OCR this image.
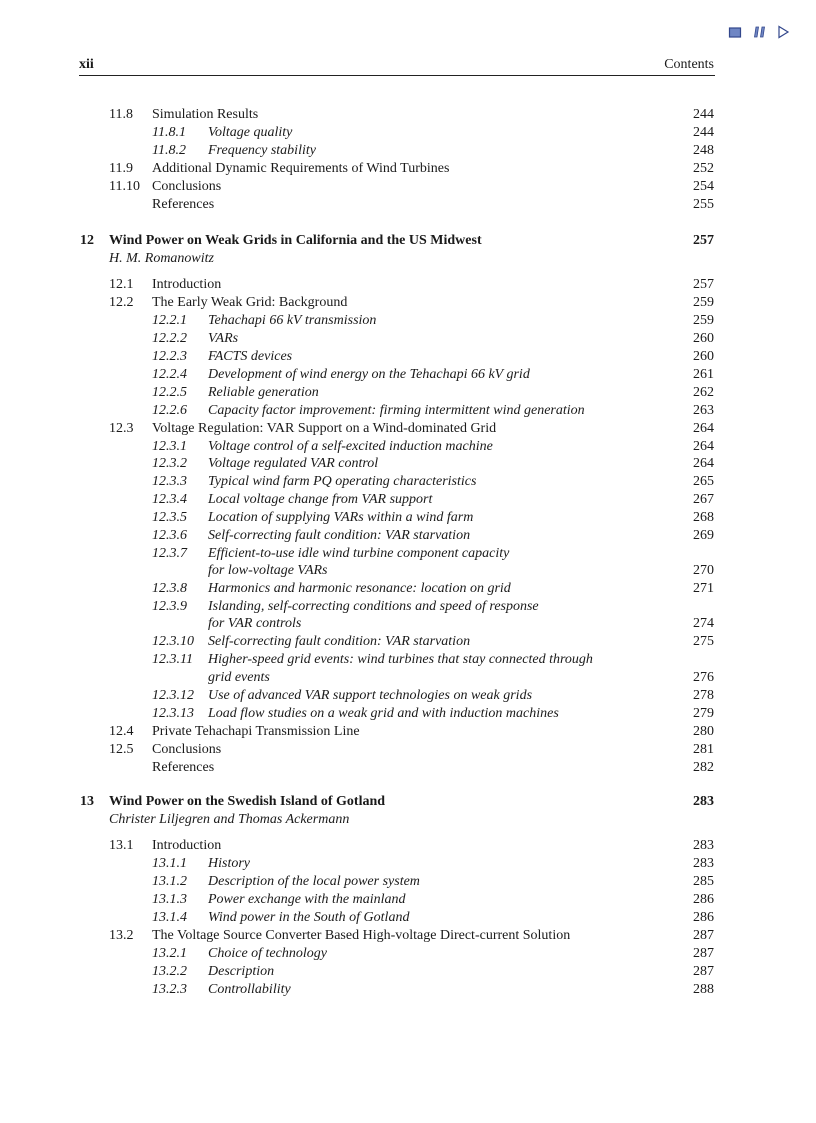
xii	Contents
11.8 Simulation Results	244
11.8.1 Voltage quality	244
11.8.2 Frequency stability	248
11.9 Additional Dynamic Requirements of Wind Turbines	252
11.10 Conclusions	254
References	255
12 Wind Power on Weak Grids in California and the US Midwest	257
H. M. Romanowitz
12.1 Introduction	257
12.2 The Early Weak Grid: Background	259
12.2.1 Tehachapi 66 kV transmission	259
12.2.2 VARs	260
12.2.3 FACTS devices	260
12.2.4 Development of wind energy on the Tehachapi 66 kV grid	261
12.2.5 Reliable generation	262
12.2.6 Capacity factor improvement: firming intermittent wind generation	263
12.3 Voltage Regulation: VAR Support on a Wind-dominated Grid	264
12.3.1 Voltage control of a self-excited induction machine	264
12.3.2 Voltage regulated VAR control	264
12.3.3 Typical wind farm PQ operating characteristics	265
12.3.4 Local voltage change from VAR support	267
12.3.5 Location of supplying VARs within a wind farm	268
12.3.6 Self-correcting fault condition: VAR starvation	269
12.3.7 Efficient-to-use idle wind turbine component capacity
for low-voltage VARs	270
12.3.8 Harmonics and harmonic resonance: location on grid	271
12.3.9 Islanding, self-correcting conditions and speed of response
for VAR controls	274
12.3.10 Self-correcting fault condition: VAR starvation	275
12.3.11 Higher-speed grid events: wind turbines that stay connected through
grid events	276
12.3.12 Use of advanced VAR support technologies on weak grids	278
12.3.13 Load flow studies on a weak grid and with induction machines	279
12.4 Private Tehachapi Transmission Line	280
12.5 Conclusions	281
References	282
13 Wind Power on the Swedish Island of Gotland	283
Christer Liljegren and Thomas Ackermann
13.1 Introduction	283
13.1.1 History	283
13.1.2 Description of the local power system	285
13.1.3 Power exchange with the mainland	286
13.1.4 Wind power in the South of Gotland	286
13.2 The Voltage Source Converter Based High-voltage Direct-current Solution	287
13.2.1 Choice of technology	287
13.2.2 Description	287
13.2.3 Controllability	288
